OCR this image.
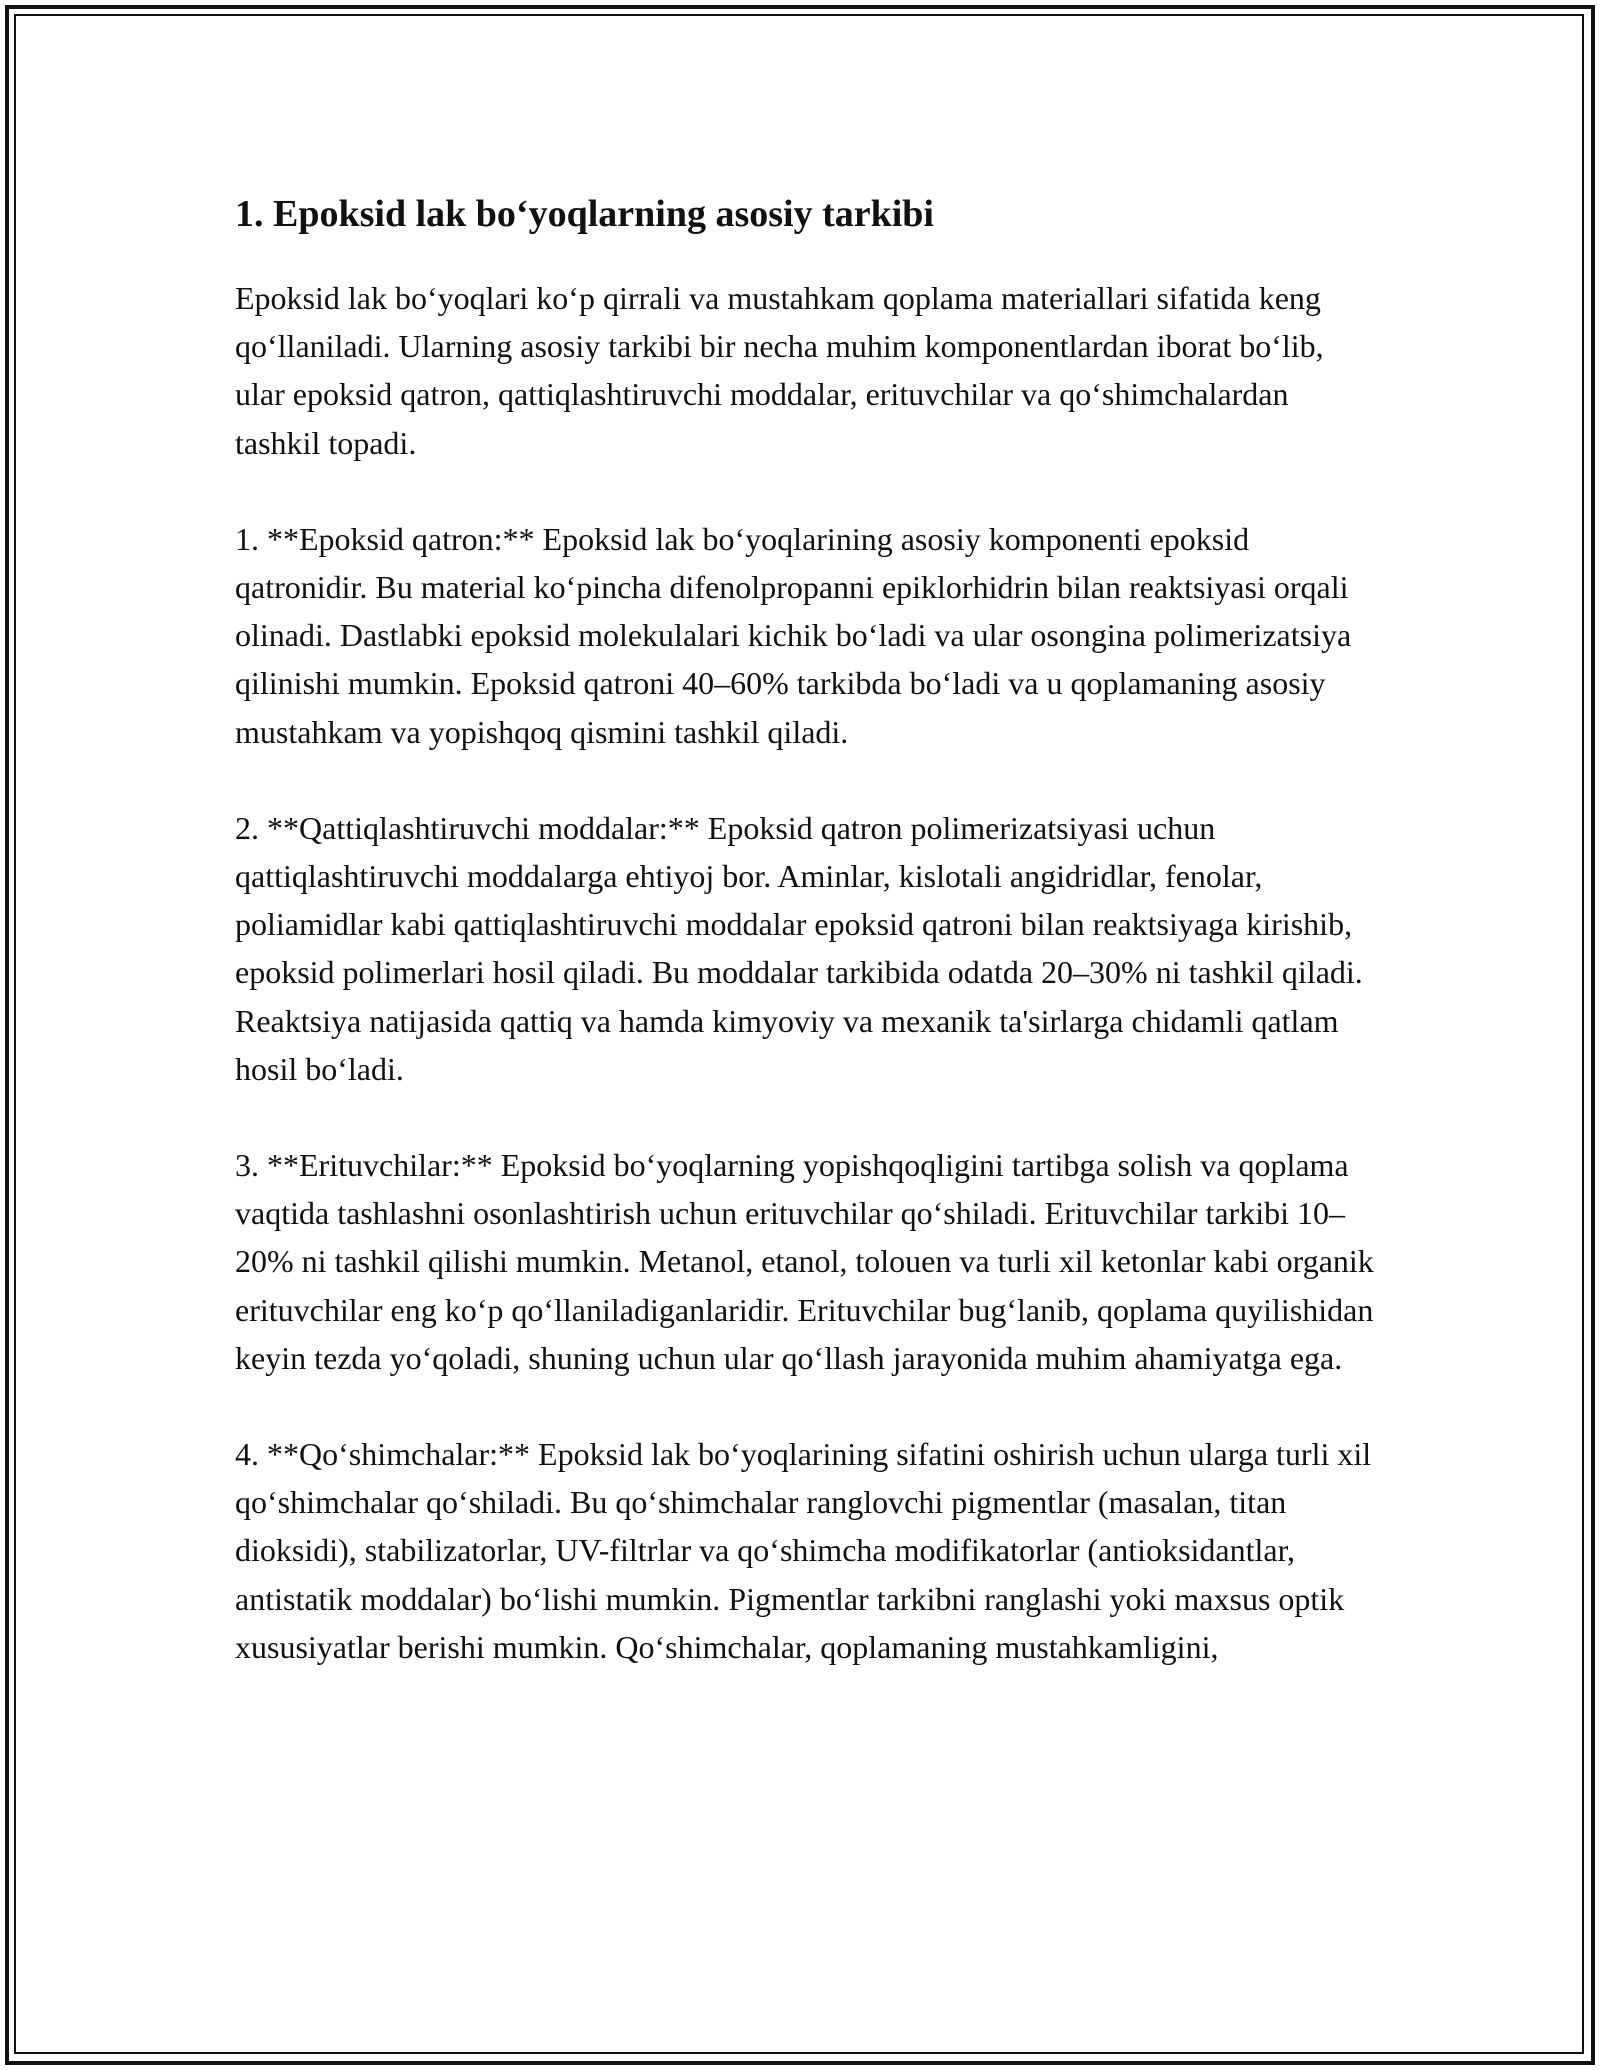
1. Epoksid lak bo‘yoqlarning asosiy tarkibi

Epoksid lak bo‘yoqlari ko‘p qirrali va mustahkam qoplama materiallari sifatida keng qo‘llaniladi. Ularning asosiy tarkibi bir necha muhim komponentlardan iborat bo‘lib, ular epoksid qatron, qattiqlashtiruvchi moddalar, erituvchilar va qo‘shimchalardan tashkil topadi.

1. **Epoksid qatron:** Epoksid lak bo‘yoqlarining asosiy komponenti epoksid qatronidir. Bu material ko‘pincha difenolpropanni epiklorhidrin bilan reaktsiyasi orqali olinadi. Dastlabki epoksid molekulalari kichik bo‘ladi va ular osongina polimerizatsiya qilinishi mumkin. Epoksid qatroni 40–60% tarkibda bo‘ladi va u qoplamaning asosiy mustahkam va yopishqoq qismini tashkil qiladi.

2. **Qattiqlashtiruvchi moddalar:** Epoksid qatron polimerizatsiyasi uchun qattiqlashtiruvchi moddalarga ehtiyoj bor. Aminlar, kislotali angidridlar, fenolar, poliamidlar kabi qattiqlashtiruvchi moddalar epoksid qatroni bilan reaktsiyaga kirishib, epoksid polimerlari hosil qiladi. Bu moddalar tarkibida odatda 20–30% ni tashkil qiladi. Reaktsiya natijasida qattiq va hamda kimyoviy va mexanik ta'sirlarga chidamli qatlam hosil bo‘ladi.

3. **Erituvchilar:** Epoksid bo‘yoqlarning yopishqoqligini tartibga solish va qoplama vaqtida tashlashni osonlashtirish uchun erituvchilar qo‘shiladi. Erituvchilar tarkibi 10–20% ni tashkil qilishi mumkin. Metanol, etanol, tolouen va turli xil ketonlar kabi organik erituvchilar eng ko‘p qo‘llaniladiganlaridir. Erituvchilar bug‘lanib, qoplama quyilishidan keyin tezda yo‘qoladi, shuning uchun ular qo‘llash jarayonida muhim ahamiyatga ega.

4. **Qo‘shimchalar:** Epoksid lak bo‘yoqlarining sifatini oshirish uchun ularga turli xil qo‘shimchalar qo‘shiladi. Bu qo‘shimchalar ranglovchi pigmentlar (masalan, titan dioksidi), stabilizatorlar, UV-filtrlar va qo‘shimcha modifikatorlar (antioksidantlar, antistatik moddalar) bo‘lishi mumkin. Pigmentlar tarkibni ranglashi yoki maxsus optik xususiyatlar berishi mumkin. Qo‘shimchalar, qoplamaning mustahkamligini,
